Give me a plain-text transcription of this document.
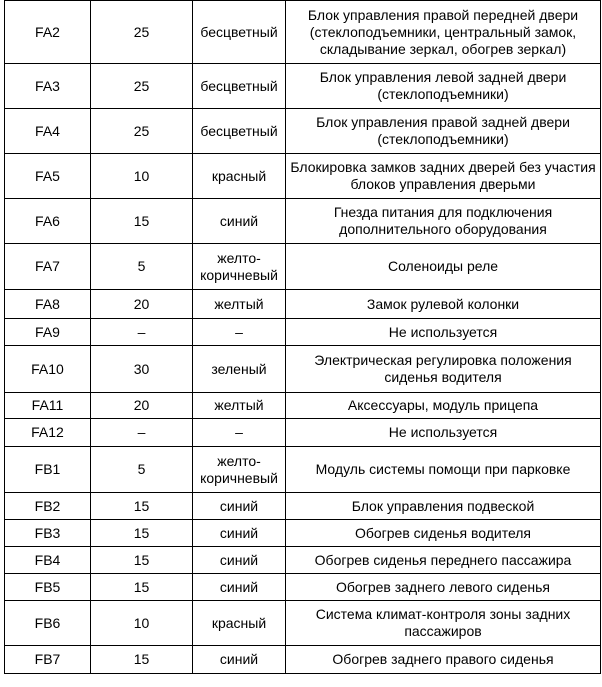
FA2	25	бесцветный	Блок управления правой передней двери (стеклоподъемники, центральный замок, складывание зеркал, обогрев зеркал)
FA3	25	бесцветный	Блок управления левой задней двери (стеклоподъемники)
FA4	25	бесцветный	Блок управления правой задней двери (стеклоподъемники)
FA5	10	красный	Блокировка замков задних дверей без участия блоков управления дверьми
FA6	15	синий	Гнезда питания для подключения дополнительного оборудования
FA7	5	желто-коричневый	Соленоиды реле
FA8	20	желтый	Замок рулевой колонки
FA9	–	–	Не используется
FA10	30	зеленый	Электрическая регулировка положения сиденья водителя
FA11	20	желтый	Аксессуары, модуль прицепа
FA12	–	–	Не используется
FB1	5	желто-коричневый	Модуль системы помощи при парковке
FB2	15	синий	Блок управления подвеской
FB3	15	синий	Обогрев сиденья водителя
FB4	15	синий	Обогрев сиденья переднего пассажира
FB5	15	синий	Обогрев заднего левого сиденья
FB6	10	красный	Система климат-контроля зоны задних пассажиров
FB7	15	синий	Обогрев заднего правого сиденья
